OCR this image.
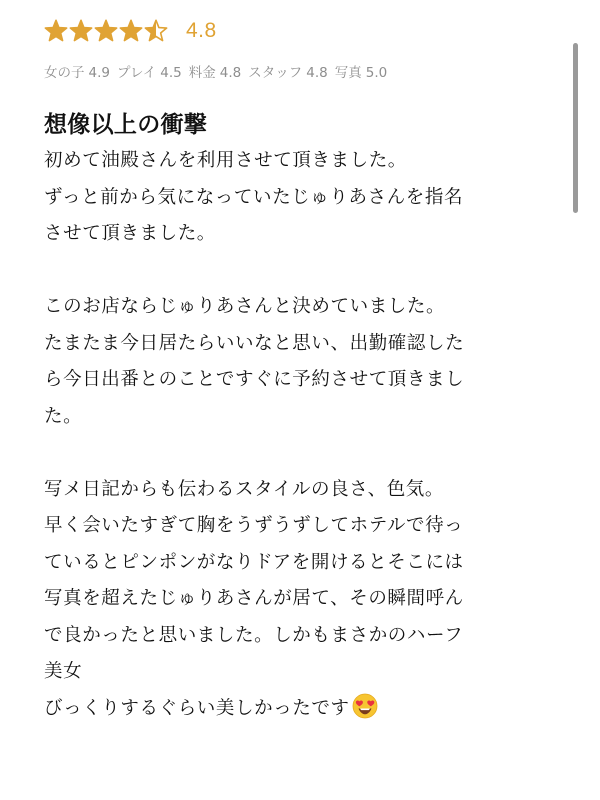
4.8
女の子 4.9 プレイ 4.5 料金 4.8 スタッフ 4.8 写真 5.0
想像以上の衝撃
初めて油殿さんを利用させて頂きました。
ずっと前から気になっていたじゅりあさんを指名
させて頂きました。
このお店ならじゅりあさんと決めていました。
たまたま今日居たらいいなと思い、出勤確認した
ら今日出番とのことですぐに予約させて頂きまし
た。
写メ日記からも伝わるスタイルの良さ、色気。
早く会いたすぎて胸をうずうずしてホテルで待っ
ているとピンポンがなりドアを開けるとそこには
写真を超えたじゅりあさんが居て、その瞬間呼ん
で良かったと思いました。しかもまさかのハーフ
美女
びっくりするぐらい美しかったです
